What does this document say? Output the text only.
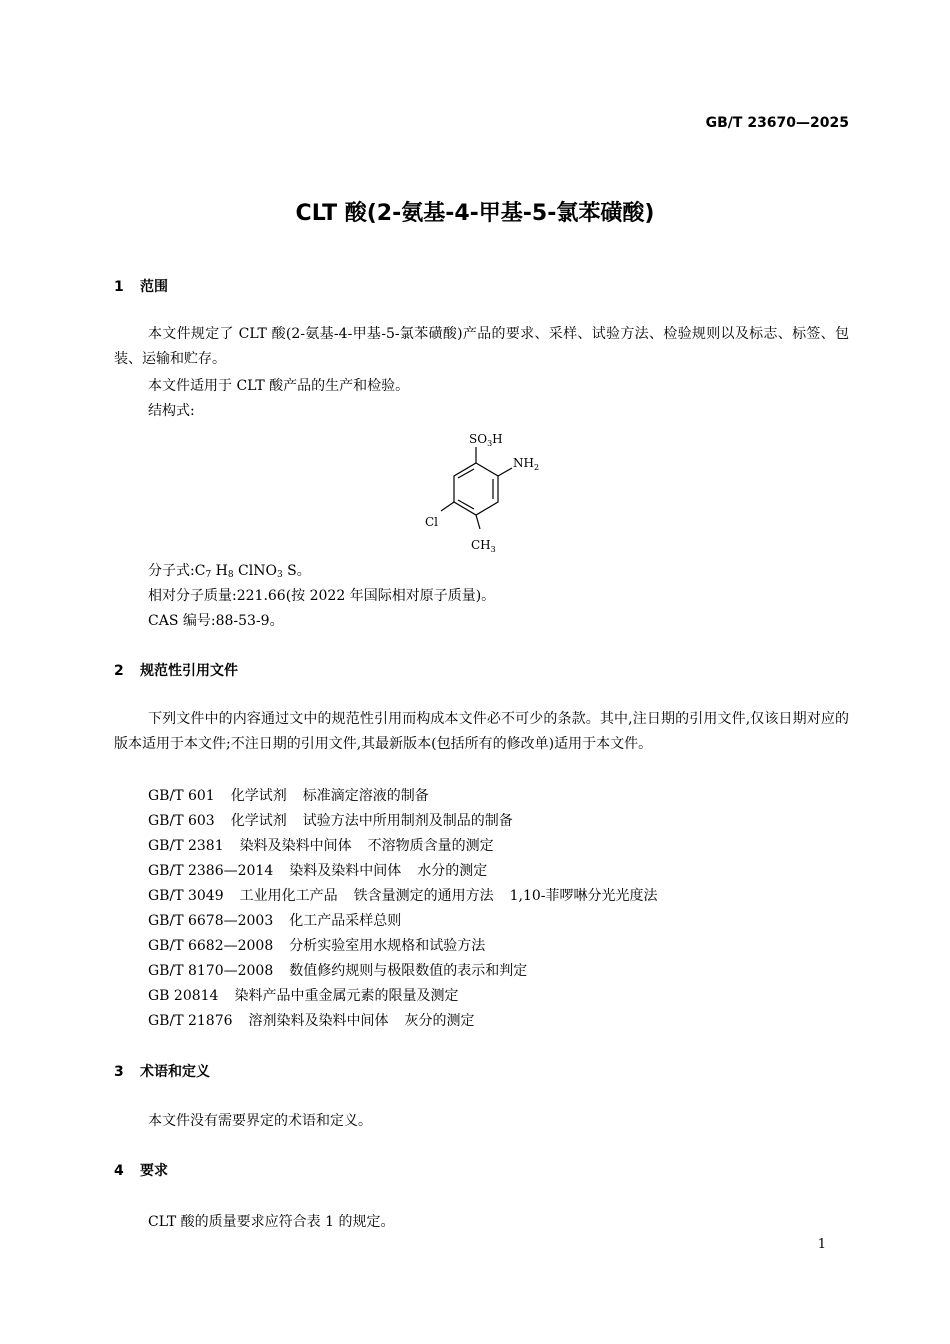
GB/T 23670—2025
CLT 酸(2-氨基-4-甲基-5-氯苯磺酸)
1 范围
本文件规定了 CLT 酸(2-氨基-4-甲基-5-氯苯磺酸)产品的要求、采样、试验方法、检验规则以及标志、标签、包装、运输和贮存。
本文件适用于 CLT 酸产品的生产和检验。
结构式:
$SO_3H$
$NH_2$
Cl
$CH_3$
分子式$:C_7$ $H_8$ ClNO$_3$ S。
相对分子质量:221.66(按 2022 年国际相对原子质量)。
CAS 编号:88-53-9。
2 规范性引用文件
下列文件中的内容通过文中的规范性引用而构成本文件必不可少的条款。其中,注日期的引用文件,仅该日期对应的版本适用于本文件;不注日期的引用文件,其最新版本(包括所有的修改单)适用于本文件。
GB/T 601 化学试剂 标准滴定溶液的制备
GB/T 603 化学试剂 试验方法中所用制剂及制品的制备
GB/T 2381 染料及染料中间体 不溶物质含量的测定
GB/T 2386—2014 染料及染料中间体 水分的测定
GB/T 3049 工业用化工产品 铁含量测定的通用方法 1,10-菲啰啉分光光度法
GB/T 6678—2003 化工产品采样总则
GB/T 6682—2008 分析实验室用水规格和试验方法
GB/T 8170—2008 数值修约规则与极限数值的表示和判定
GB 20814 染料产品中重金属元素的限量及测定
GB/T 21876 溶剂染料及染料中间体 灰分的测定
3 术语和定义
本文件没有需要界定的术语和定义。
4 要求
CLT 酸的质量要求应符合表 1 的规定。
1
